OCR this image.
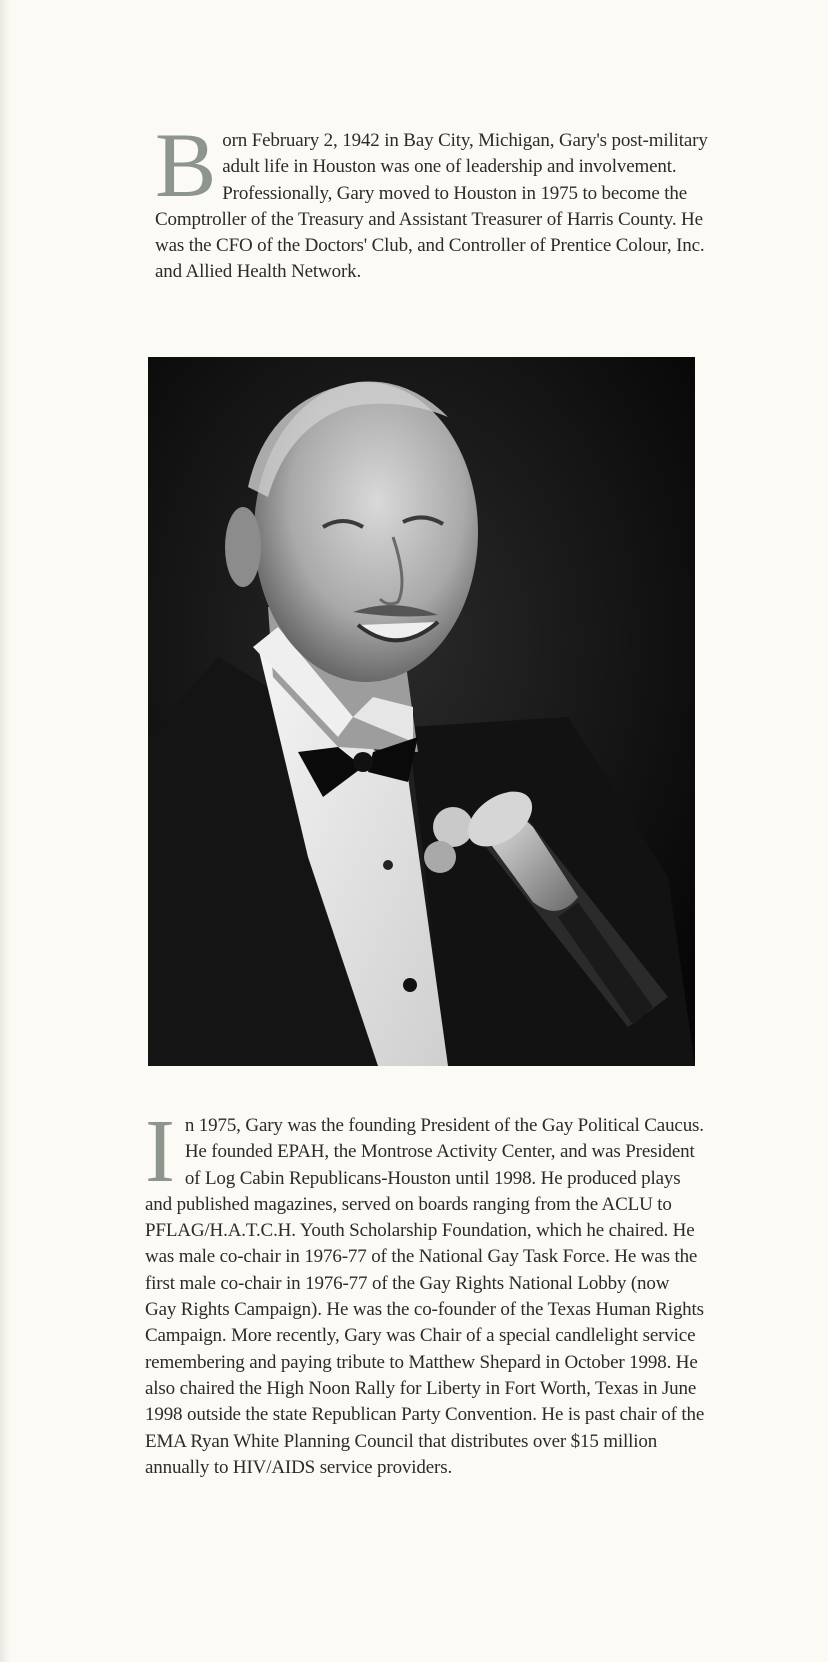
Born February 2, 1942 in Bay City, Michigan, Gary's post-military adult life in Houston was one of leadership and involvement. Professionally, Gary moved to Houston in 1975 to become the Comptroller of the Treasury and Assistant Treasurer of Harris County. He was the CFO of the Doctors' Club, and Controller of Prentice Colour, Inc. and Allied Health Network.
In 1975, Gary was the founding President of the Gay Political Caucus. He founded EPAH, the Montrose Activity Center, and was President of Log Cabin Republicans-Houston until 1998. He produced plays and published magazines, served on boards ranging from the ACLU to PFLAG/H.A.T.C.H. Youth Scholarship Foundation, which he chaired. He was male co-chair in 1976-77 of the National Gay Task Force. He was the first male co-chair in 1976-77 of the Gay Rights National Lobby (now Gay Rights Campaign). He was the co-founder of the Texas Human Rights Campaign. More recently, Gary was Chair of a special candlelight service remembering and paying tribute to Matthew Shepard in October 1998. He also chaired the High Noon Rally for Liberty in Fort Worth, Texas in June 1998 outside the state Republican Party Convention. He is past chair of the EMA Ryan White Planning Council that distributes over $15 million annually to HIV/AIDS service providers.
